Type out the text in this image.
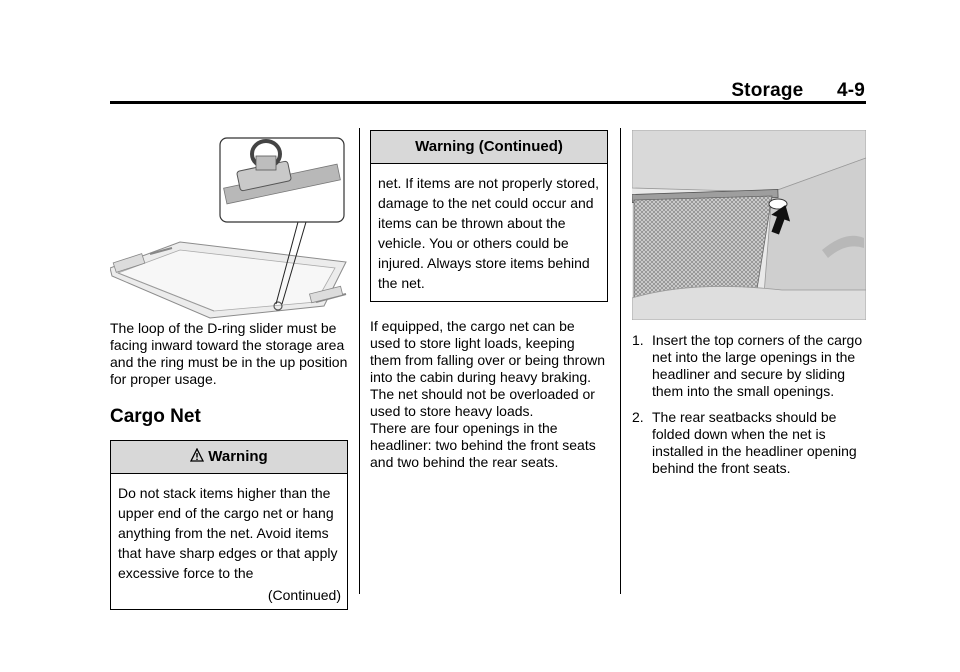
Storage 4-9

The loop of the D-ring slider must be facing inward toward the storage area and the ring must be in the up position for proper usage.

Cargo Net
Warning
Do not stack items higher than the upper end of the cargo net or hang anything from the net. Avoid items that have sharp edges or that apply excessive force to the
(Continued)
Warning (Continued)
net. If items are not properly stored, damage to the net could occur and items can be thrown about the vehicle. You or others could be injured. Always store items behind the net.

If equipped, the cargo net can be used to store light loads, keeping them from falling over or being thrown into the cabin during heavy braking.

The net should not be overloaded or used to store heavy loads.

There are four openings in the headliner: two behind the front seats and two behind the rear seats.

1. Insert the top corners of the cargo net into the large openings in the headliner and secure by sliding them into the small openings.
2. The rear seatbacks should be folded down when the net is installed in the headliner opening behind the front seats.
